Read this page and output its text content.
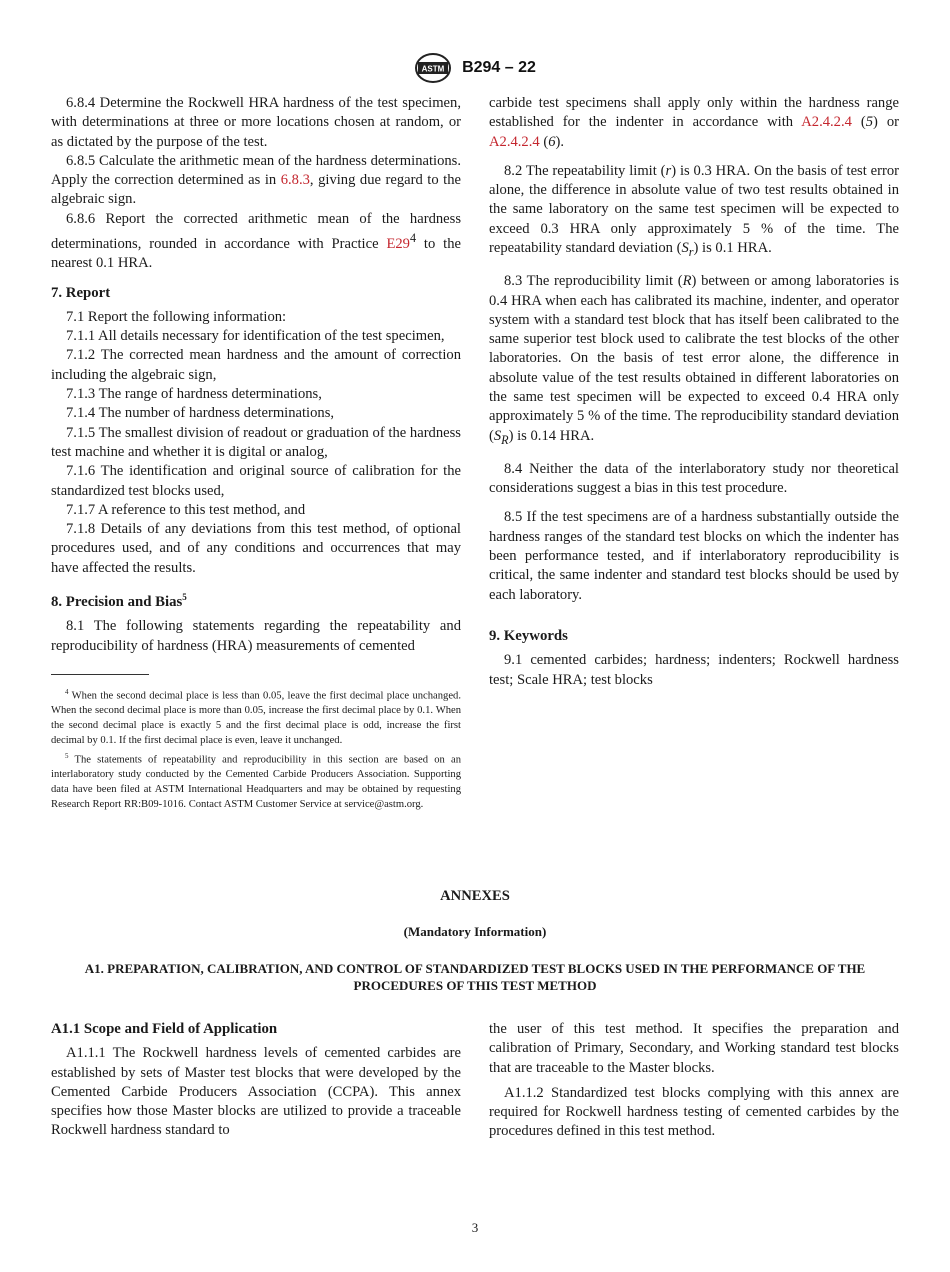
ASTM B294 – 22

6.8.4 Determine the Rockwell HRA hardness of the test specimen, with determinations at three or more locations chosen at random, or as dictated by the purpose of the test.

6.8.5 Calculate the arithmetic mean of the hardness determinations. Apply the correction determined as in 6.8.3, giving due regard to the algebraic sign.

6.8.6 Report the corrected arithmetic mean of the hardness determinations, rounded in accordance with Practice $E29^4$ to the nearest 0.1 HRA.

7. Report

7.1 Report the following information:

7.1.1 All details necessary for identification of the test specimen,

7.1.2 The corrected mean hardness and the amount of correction including the algebraic sign,

7.1.3 The range of hardness determinations,

7.1.4 The number of hardness determinations,

7.1.5 The smallest division of readout or graduation of the hardness test machine and whether it is digital or analog,

7.1.6 The identification and original source of calibration for the standardized test blocks used,

7.1.7 A reference to this test method, and

7.1.8 Details of any deviations from this test method, of optional procedures used, and of any conditions and occurrences that may have affected the results.

8. Precision and Bias$^5$

8.1 The following statements regarding the repeatability and reproducibility of hardness (HRA) measurements of cemented

$^4$ When the second decimal place is less than 0.05, leave the first decimal place unchanged. When the second decimal place is more than 0.05, increase the first decimal place by 0.1. When the second decimal place is exactly 5 and the first decimal place is odd, increase the first decimal by 0.1. If the first decimal place is even, leave it unchanged.

$^5$ The statements of repeatability and reproducibility in this section are based on an interlaboratory study conducted by the Cemented Carbide Producers Association. Supporting data have been filed at ASTM International Headquarters and may be obtained by requesting Research Report RR:B09-1016. Contact ASTM Customer Service at service@astm.org.

carbide test specimens shall apply only within the hardness range established for the indenter in accordance with A2.4.2.4 (5) or A2.4.2.4 (6).

8.2 The repeatability limit (r) is 0.3 HRA. On the basis of test error alone, the difference in absolute value of two test results obtained in the same laboratory on the same test specimen will be expected to exceed 0.3 HRA only approximately 5 % of the time. The repeatability standard deviation $(S_r)$ is 0.1 HRA.

8.3 The reproducibility limit (R) between or among laboratories is 0.4 HRA when each has calibrated its machine, indenter, and operator system with a standard test block that has itself been calibrated to the same superior test block used to calibrate the test blocks of the other laboratories. On the basis of test error alone, the difference in absolute value of the test results obtained in different laboratories on the same test specimen will be expected to exceed 0.4 HRA only approximately 5 % of the time. The reproducibility standard deviation $(S_R)$ is 0.14 HRA.

8.4 Neither the data of the interlaboratory study nor theoretical considerations suggest a bias in this test procedure.

8.5 If the test specimens are of a hardness substantially outside the hardness ranges of the standard test blocks on which the indenter has been performance tested, and if interlaboratory reproducibility is critical, the same indenter and standard test blocks should be used by each laboratory.

9. Keywords

9.1 cemented carbides; hardness; indenters; Rockwell hardness test; Scale HRA; test blocks

ANNEXES
(Mandatory Information)
A1. PREPARATION, CALIBRATION, AND CONTROL OF STANDARDIZED TEST BLOCKS USED IN THE PERFORMANCE OF THE PROCEDURES OF THIS TEST METHOD
A1.1 Scope and Field of Application

A1.1.1 The Rockwell hardness levels of cemented carbides are established by sets of Master test blocks that were developed by the Cemented Carbide Producers Association (CCPA). This annex specifies how those Master blocks are utilized to provide a traceable Rockwell hardness standard to

the user of this test method. It specifies the preparation and calibration of Primary, Secondary, and Working standard test blocks that are traceable to the Master blocks.

A1.1.2 Standardized test blocks complying with this annex are required for Rockwell hardness testing of cemented carbides by the procedures defined in this test method.

3
